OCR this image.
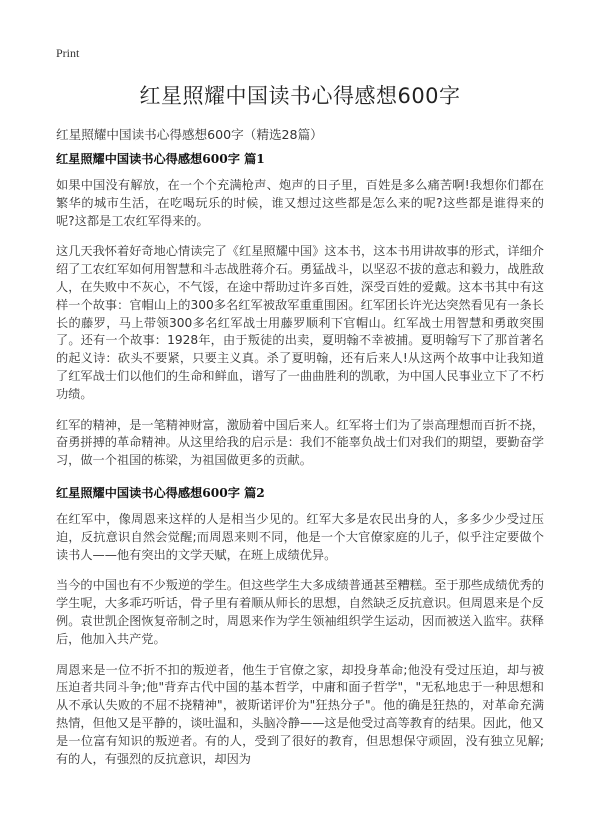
Print
红星照耀中国读书心得感想600字
红星照耀中国读书心得感想600字（精选28篇）
红星照耀中国读书心得感想600字 篇1

如果中国没有解放，在一个个充满枪声、炮声的日子里，百姓是多么痛苦啊!我想你们都在繁华的城市生活，在吃喝玩乐的时候，谁又想过这些都是怎么来的呢?这些都是谁得来的呢?这都是工农红军得来的。

这几天我怀着好奇地心情读完了《红星照耀中国》这本书，这本书用讲故事的形式，详细介绍了工农红军如何用智慧和斗志战胜蒋介石。勇猛战斗，以坚忍不拔的意志和毅力，战胜敌人，在失败中不灰心，不气馁，在途中帮助过许多百姓，深受百姓的爱戴。这本书其中有这样一个故事：官帽山上的300多名红军被敌军重重围困。红军团长许光达突然看见有一条长长的藤罗，马上带领300多名红军战士用藤罗顺利下官帽山。红军战士用智慧和勇敢突围了。还有一个故事：1928年，由于叛徒的出卖，夏明翰不幸被捕。夏明翰写下了那首著名的起义诗：砍头不要紧，只要主义真。杀了夏明翰，还有后来人!从这两个故事中让我知道了红军战士们以他们的生命和鲜血，谱写了一曲曲胜利的凯歌，为中国人民事业立下了不朽功绩。

红军的精神，是一笔精神财富，激励着中国后来人。红军将士们为了崇高理想而百折不挠，奋勇拼搏的革命精神。从这里给我的启示是：我们不能辜负战士们对我们的期望，要勤奋学习，做一个祖国的栋梁，为祖国做更多的贡献。

红星照耀中国读书心得感想600字 篇2

在红军中，像周恩来这样的人是相当少见的。红军大多是农民出身的人，多多少少受过压迫，反抗意识自然会觉醒;而周恩来则不同，他是一个大官僚家庭的儿子，似乎注定要做个读书人——他有突出的文学天赋，在班上成绩优异。

当今的中国也有不少叛逆的学生。但这些学生大多成绩普通甚至糟糕。至于那些成绩优秀的学生呢，大多乖巧听话，骨子里有着顺从师长的思想，自然缺乏反抗意识。但周恩来是个反例。袁世凯企图恢复帝制之时，周恩来作为学生领袖组织学生运动，因而被送入监牢。获释后，他加入共产党。

周恩来是一位不折不扣的叛逆者，他生于官僚之家，却投身革命;他没有受过压迫，却与被压迫者共同斗争;他"背弃古代中国的基本哲学，中庸和面子哲学"，"无私地忠于一种思想和从不承认失败的不屈不挠精神"，被斯诺评价为"狂热分子"。他的确是狂热的，对革命充满热情，但他又是平静的，谈吐温和，头脑冷静——这是他受过高等教育的结果。因此，他又是一位富有知识的叛逆者。有的人，受到了很好的教育，但思想保守顽固，没有独立见解;有的人，有强烈的反抗意识，却因为
